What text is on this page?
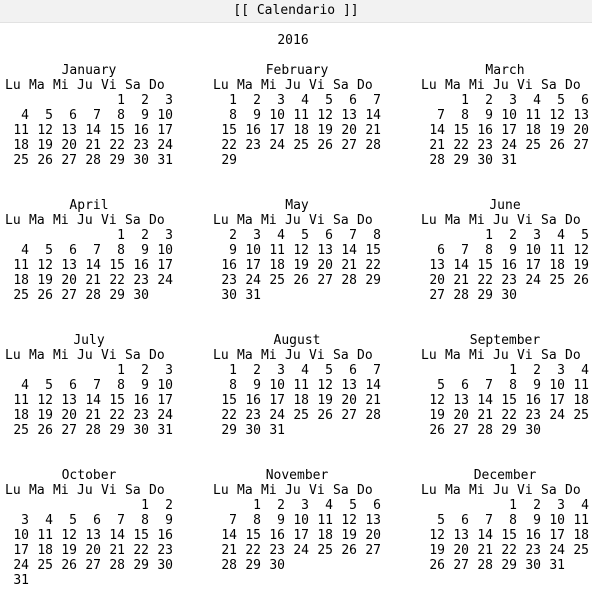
[[ Calendario ]]
2016
January
Lu Ma Mi Ju Vi Sa Do
1 2 3
4 5 6 7 8 9 10
11 12 13 14 15 16 17
18 19 20 21 22 23 24
25 26 27 28 29 30 31
February
Lu Ma Mi Ju Vi Sa Do
1 2 3 4 5 6 7
8 9 10 11 12 13 14
15 16 17 18 19 20 21
22 23 24 25 26 27 28
29
March
Lu Ma Mi Ju Vi Sa Do
1 2 3 4 5 6
7 8 9 10 11 12 13
14 15 16 17 18 19 20
21 22 23 24 25 26 27
28 29 30 31
April
Lu Ma Mi Ju Vi Sa Do
1 2 3
4 5 6 7 8 9 10
11 12 13 14 15 16 17
18 19 20 21 22 23 24
25 26 27 28 29 30
May
Lu Ma Mi Ju Vi Sa Do
2 3 4 5 6 7 8
9 10 11 12 13 14 15
16 17 18 19 20 21 22
23 24 25 26 27 28 29
30 31
June
Lu Ma Mi Ju Vi Sa Do
1 2 3 4 5
6 7 8 9 10 11 12
13 14 15 16 17 18 19
20 21 22 23 24 25 26
27 28 29 30
July
Lu Ma Mi Ju Vi Sa Do
1 2 3
4 5 6 7 8 9 10
11 12 13 14 15 16 17
18 19 20 21 22 23 24
25 26 27 28 29 30 31
August
Lu Ma Mi Ju Vi Sa Do
1 2 3 4 5 6 7
8 9 10 11 12 13 14
15 16 17 18 19 20 21
22 23 24 25 26 27 28
29 30 31
September
Lu Ma Mi Ju Vi Sa Do
1 2 3 4
5 6 7 8 9 10 11
12 13 14 15 16 17 18
19 20 21 22 23 24 25
26 27 28 29 30
October
Lu Ma Mi Ju Vi Sa Do
1 2
3 4 5 6 7 8 9
10 11 12 13 14 15 16
17 18 19 20 21 22 23
24 25 26 27 28 29 30
31
November
Lu Ma Mi Ju Vi Sa Do
1 2 3 4 5 6
7 8 9 10 11 12 13
14 15 16 17 18 19 20
21 22 23 24 25 26 27
28 29 30
December
Lu Ma Mi Ju Vi Sa Do
1 2 3 4
5 6 7 8 9 10 11
12 13 14 15 16 17 18
19 20 21 22 23 24 25
26 27 28 29 30 31
